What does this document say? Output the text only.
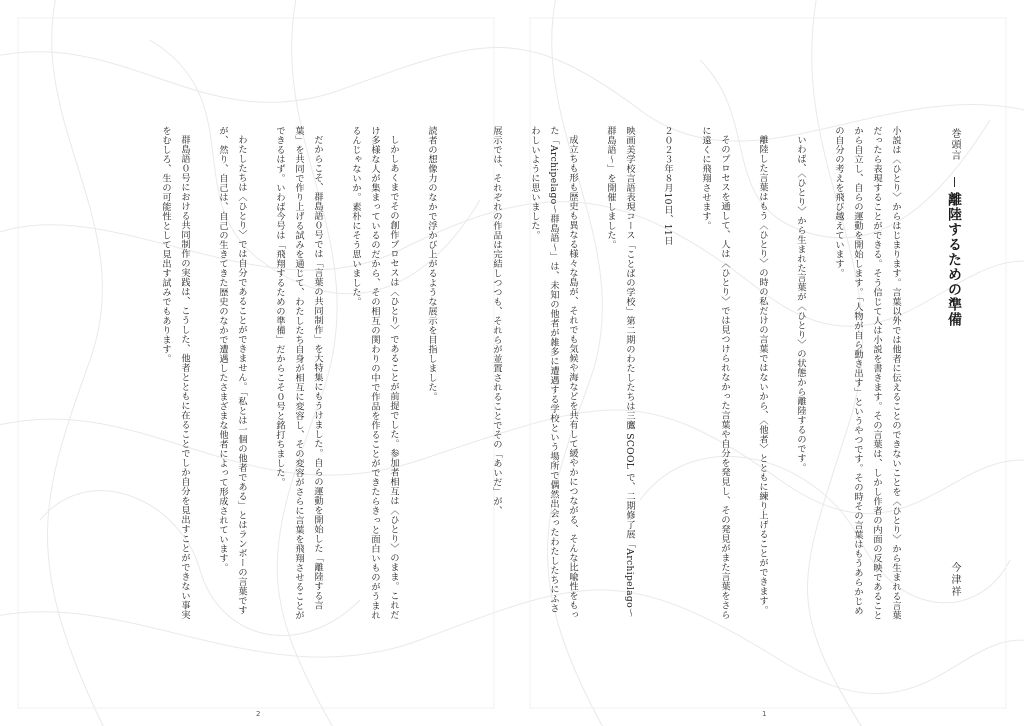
巻頭言

離陸するための準備

今津祥

小説は〈ひとり〉からはじまります。言葉以外では他者に伝えることのできないことを〈ひとり〉から生まれる言葉だったら表現することができる。そう信じて人は小説を書きます。その言葉は、しかし作者の内面の反映であることから自立し、自らの運動を開始します。「人物が自ら動き出す」というやつです。その時その言葉はもうあらかじめの自分の考えを飛び越えています。

いわば、〈ひとり〉から生まれた言葉が〈ひとり〉の状態から離陸するのです。

離陸した言葉はもう〈ひとり〉の時の私だけの言葉ではないから、〈他者〉とともに練り上げることができます。

そのプロセスを通して、人は〈ひとり〉では見つけられなかった言葉や自分を発見し、その発見がまた言葉をさらに遠くに飛翔させます。

２０２３年８月10日、11日

映画美学校言語表現コース「ことばの学校」第二期のわたしたちは三鷹 SCOOL で、二期修了展「Archipelago〜群島語〜」を開催しました。

成立ちも形も歴史も異なる様々な島が、それでも気候や海などを共有して緩やかにつながる、そんな比喩性をもった「Archipelago〜群島語〜」は、未知の他者が雑多に遭遇する学校という場所で偶然出会ったわたしたちにふさわしいように思いました。

展示では、それぞれの作品は完結しつつも、それらが並置されることでその「あいだ」が、

1

読者の想像力のなかで浮かび上がるような展示を目指しました。

しかしあくまでその創作プロセスは〈ひとり〉であることが前提でした。参加者相互は〈ひとり〉のまま。これだけ多様な人が集まっているのだから、その相互の関わりの中で作品を作ることができたらきっと面白いものがうまれるんじゃないか。素朴にそう思いました。

だからこそ、群島語０号では「言葉の共同制作」を大特集にもうけました。自らの運動を開始した「離陸する言葉」を共同で作り上げる試みを通じて、わたしたち自身が相互に変容し、その変容がさらに言葉を飛翔させることができるはず。いわば今号は「飛翔するための準備」だからこそ０号と銘打ちました。

わたしたちは〈ひとり〉では自分であることができません。「私とは一個の他者である」とはランボーの言葉ですが、然り、自己は、自己の生きてきた歴史のなかで遭遇したさまざまな他者によって形成されています。

群島語０号における共同制作の実践は、こうした、他者とともに在ることでしか自分を見出すことができない事実をむしろ、生の可能性として見出す試みでもあります。

2
